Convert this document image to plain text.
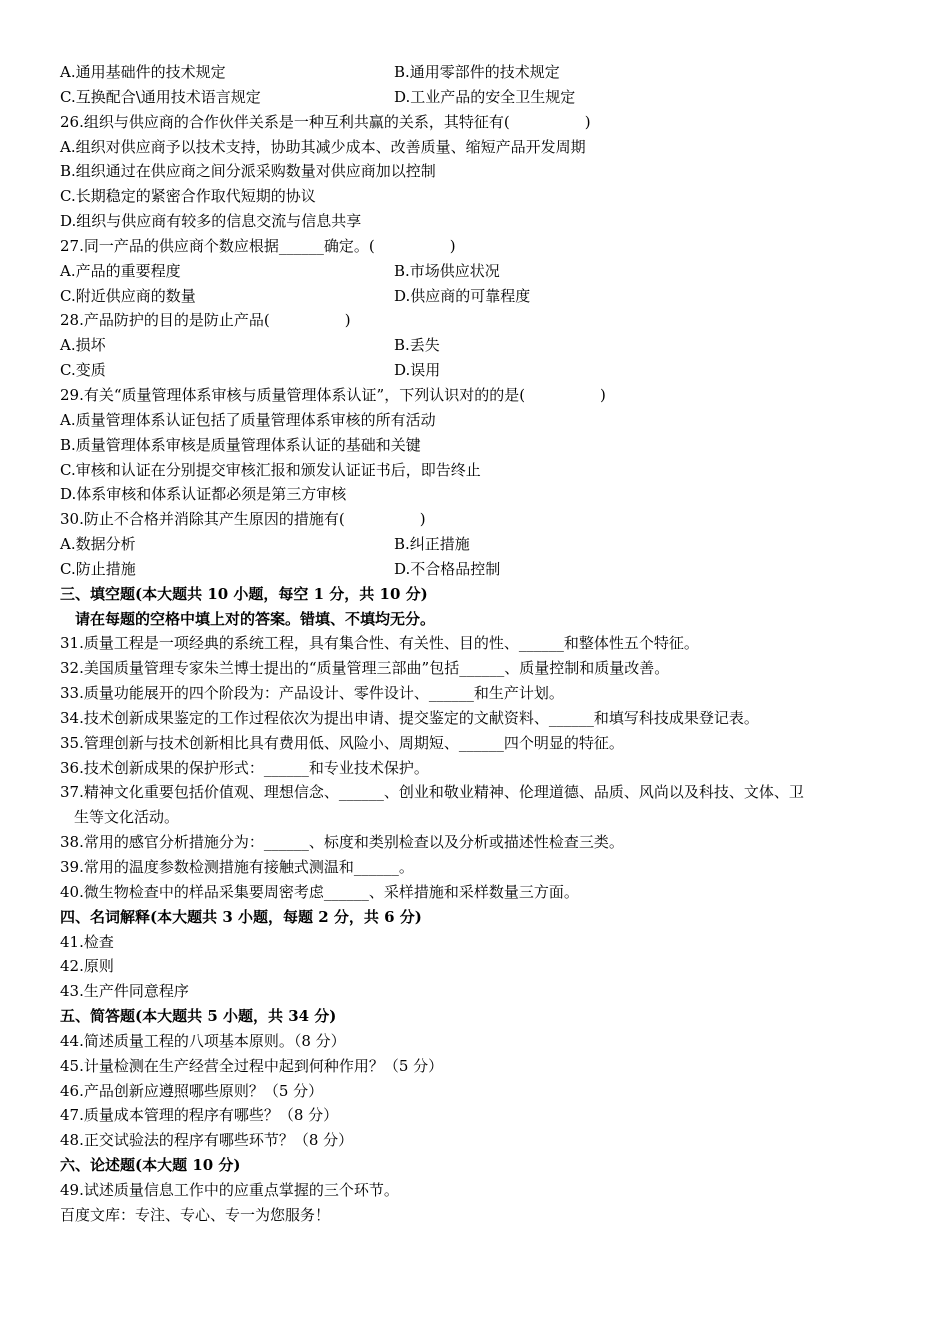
A.通用基础件的技术规定	B.通用零部件的技术规定
C.互换配合\通用技术语言规定	D.工业产品的安全卫生规定
26.组织与供应商的合作伙伴关系是一种互利共赢的关系，其特征有(　　　　　)
A.组织对供应商予以技术支持，协助其减少成本、改善质量、缩短产品开发周期
B.组织通过在供应商之间分派采购数量对供应商加以控制
C.长期稳定的紧密合作取代短期的协议
D.组织与供应商有较多的信息交流与信息共享
27.同一产品的供应商个数应根据______确定。(　　　　　)
A.产品的重要程度	B.市场供应状况
C.附近供应商的数量	D.供应商的可靠程度
28.产品防护的目的是防止产品(　　　　　)
A.损坏	B.丢失
C.变质	D.误用
29.有关“质量管理体系审核与质量管理体系认证”，下列认识对的的是(　　　　　)
A.质量管理体系认证包括了质量管理体系审核的所有活动
B.质量管理体系审核是质量管理体系认证的基础和关键
C.审核和认证在分别提交审核汇报和颁发认证证书后，即告终止
D.体系审核和体系认证都必须是第三方审核
30.防止不合格并消除其产生原因的措施有(　　　　　)
A.数据分析	B.纠正措施
C.防止措施	D.不合格品控制
三、填空题(本大题共 10 小题，每空 1 分，共 10 分)
　请在每题的空格中填上对的答案。错填、不填均无分。
31.质量工程是一项经典的系统工程，具有集合性、有关性、目的性、______和整体性五个特征。
32.美国质量管理专家朱兰博士提出的“质量管理三部曲”包括______、质量控制和质量改善。
33.质量功能展开的四个阶段为：产品设计、零件设计、______和生产计划。
34.技术创新成果鉴定的工作过程依次为提出申请、提交鉴定的文献资料、______和填写科技成果登记表。
35.管理创新与技术创新相比具有费用低、风险小、周期短、______四个明显的特征。
36.技术创新成果的保护形式：______和专业技术保护。
37.精神文化重要包括价值观、理想信念、______、创业和敬业精神、伦理道德、品质、风尚以及科技、文体、卫
生等文化活动。
38.常用的感官分析措施分为：______、标度和类别检查以及分析或描述性检查三类。
39.常用的温度参数检测措施有接触式测温和______。
40.微生物检查中的样品采集要周密考虑______、采样措施和采样数量三方面。
四、名词解释(本大题共 3 小题，每题 2 分，共 6 分)
41.检查
42.原则
43.生产件同意程序
五、简答题(本大题共 5 小题，共 34 分)
44.简述质量工程的八项基本原则。（8 分）
45.计量检测在生产经营全过程中起到何种作用？（5 分）
46.产品创新应遵照哪些原则？（5 分）
47.质量成本管理的程序有哪些？（8 分）
48.正交试验法的程序有哪些环节？（8 分）
六、论述题(本大题 10 分)
49.试述质量信息工作中的应重点掌握的三个环节。
百度文库：专注、专心、专一为您服务！
